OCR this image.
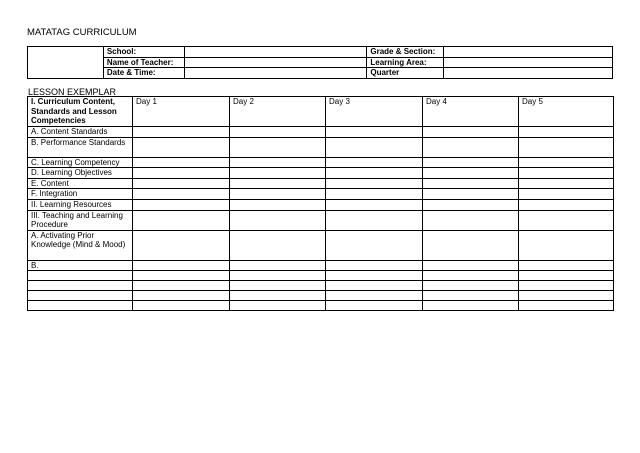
MATATAG CURRICULUM
	School:		Grade & Section:	
	Name of Teacher:		Learning Area:	
	Date & Time:		Quarter	
LESSON EXEMPLAR
I. Curriculum Content, Standards and Lesson Competencies	Day 1	Day 2	Day 3	Day 4	Day 5
A. Content Standards					
B. Performance Standards					
C. Learning Competency					
D. Learning Objectives					
E. Content					
F. Integration					
II. Learning Resources					
III. Teaching and Learning Procedure					
A. Activating Prior Knowledge (Mind & Mood)					
B.					
